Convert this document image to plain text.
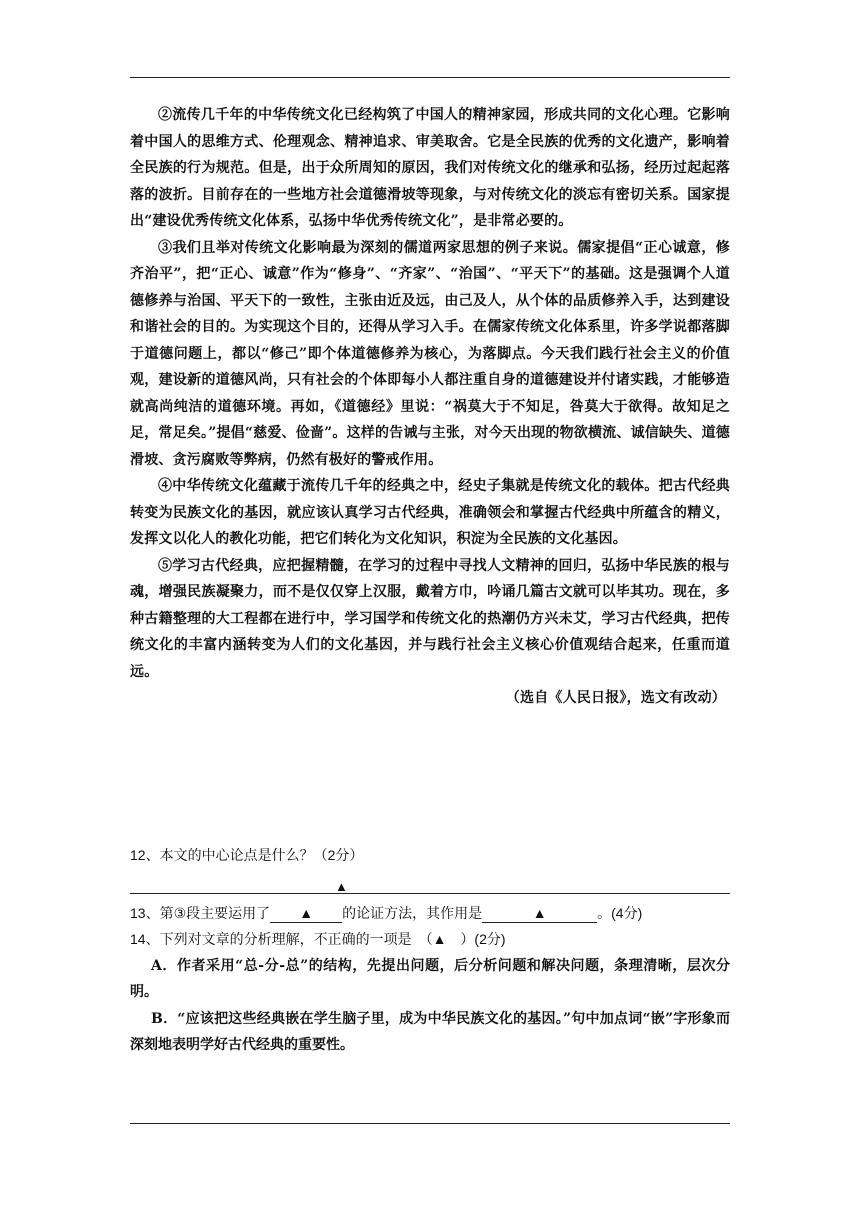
②流传几千年的中华传统文化已经构筑了中国人的精神家园，形成共同的文化心理。它影响着中国人的思维方式、伦理观念、精神追求、审美取舍。它是全民族的优秀的文化遗产，影响着全民族的行为规范。但是，出于众所周知的原因，我们对传统文化的继承和弘扬，经历过起起落落的波折。目前存在的一些地方社会道德滑坡等现象，与对传统文化的淡忘有密切关系。国家提出“建设优秀传统文化体系，弘扬中华优秀传统文化”，是非常必要的。

③我们且举对传统文化影响最为深刻的儒道两家思想的例子来说。儒家提倡“正心诚意，修齐治平”，把“正心、诚意”作为“修身”、“齐家”、“治国”、“平天下”的基础。这是强调个人道德修养与治国、平天下的一致性，主张由近及远，由己及人，从个体的品质修养入手，达到建设和谐社会的目的。为实现这个目的，还得从学习入手。在儒家传统文化体系里，许多学说都落脚于道德问题上，都以“修己”即个体道德修养为核心，为落脚点。今天我们践行社会主义的价值观，建设新的道德风尚，只有社会的个体即每小人都注重自身的道德建设并付诸实践，才能够造就高尚纯洁的道德环境。再如，《道德经》里说：“祸莫大于不知足，咎莫大于欲得。故知足之足，常足矣。”提倡“慈爱、俭啬”。这样的告诫与主张，对今天出现的物欲横流、诚信缺失、道德滑坡、贪污腐败等弊病，仍然有极好的警戒作用。

④中华传统文化蕴藏于流传几千年的经典之中，经史子集就是传统文化的载体。把古代经典转变为民族文化的基因，就应该认真学习古代经典，准确领会和掌握古代经典中所蕴含的精义，发挥文以化人的教化功能，把它们转化为文化知识，积淀为全民族的文化基因。

⑤学习古代经典，应把握精髓，在学习的过程中寻找人文精神的回归，弘扬中华民族的根与魂，增强民族凝聚力，而不是仅仅穿上汉服，戴着方巾，吟诵几篇古文就可以毕其功。现在，多种古籍整理的大工程都在进行中，学习国学和传统文化的热潮仍方兴未艾，学习古代经典，把传统文化的丰富内涵转变为人们的文化基因，并与践行社会主义核心价值观结合起来，任重而道远。

（选自《人民日报》，选文有改动）

12、本文的中心论点是什么？（2分）

▲

13、第③段主要运用了 ▲ 的论证方法，其作用是	▲	。(4分)

14、下列对文章的分析理解，不正确的一项是　（▲　）(2分)

A．作者采用“总-分-总”的结构，先提出问题，后分析问题和解决问题，条理清晰，层次分明。

B．“应该把这些经典嵌在学生脑子里，成为中华民族文化的基因。”句中加点词“嵌”字形象而深刻地表明学好古代经典的重要性。
